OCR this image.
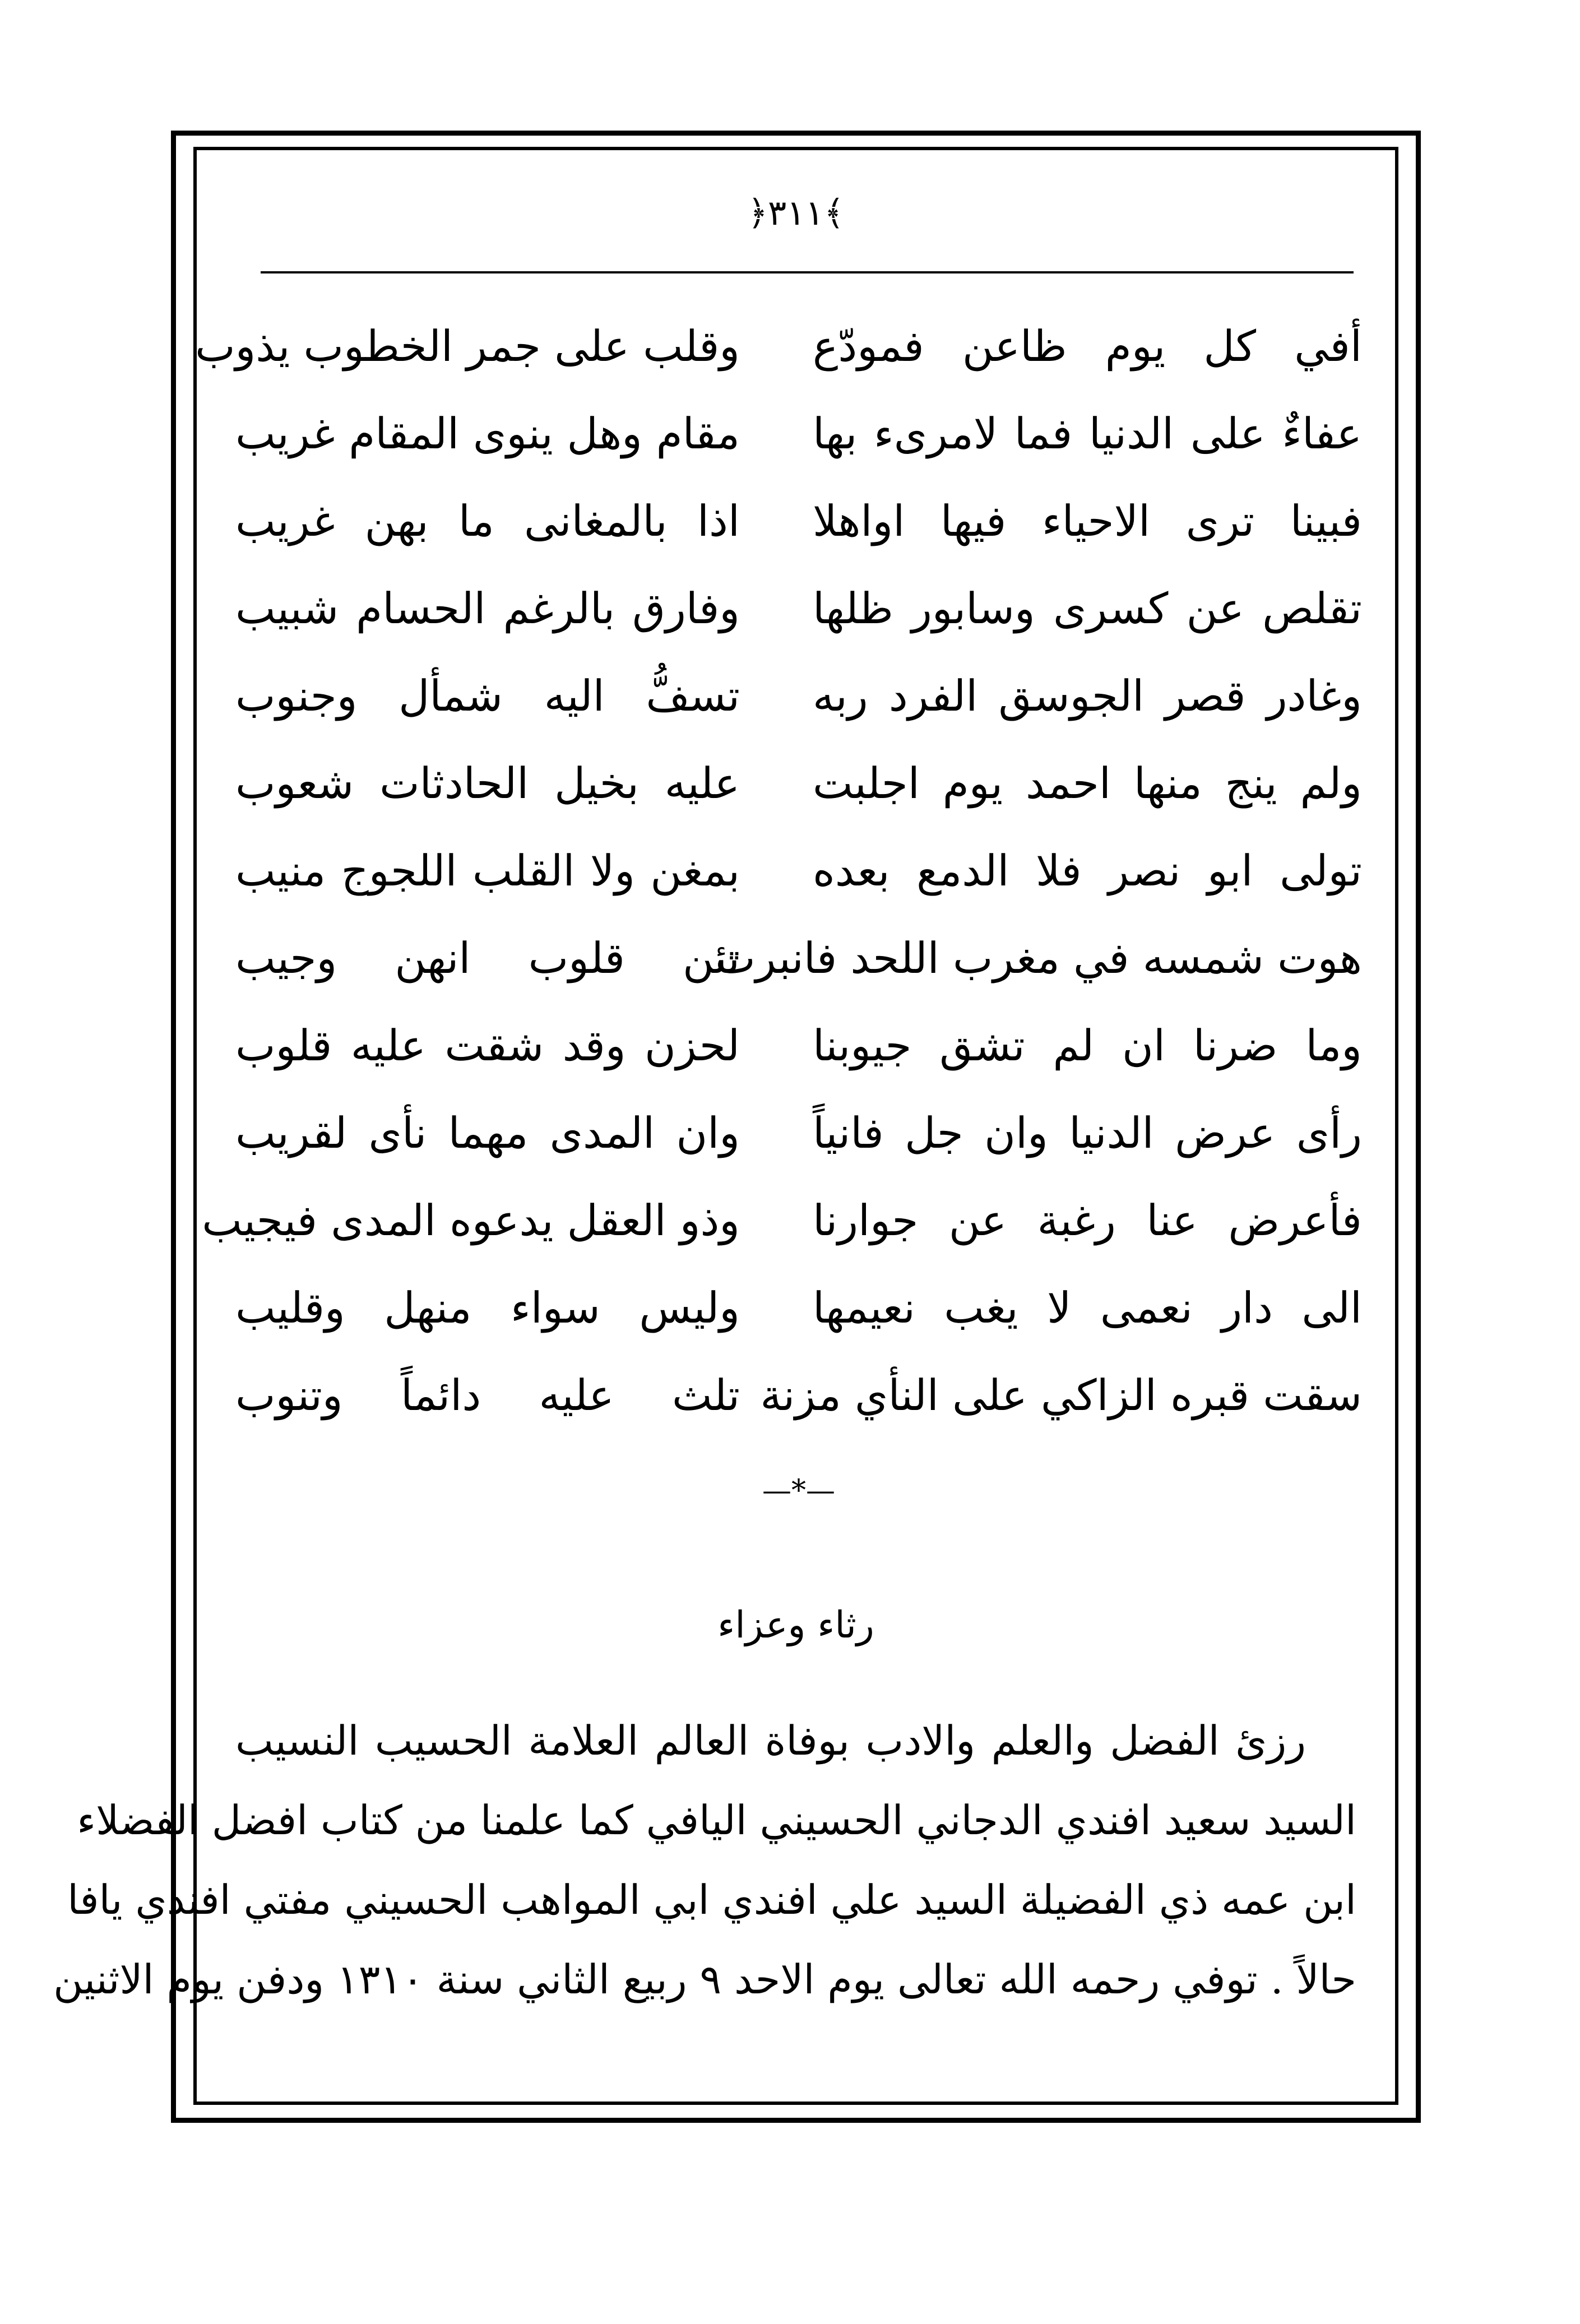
﴾٣١١﴿
أفي كل يوم ظاعن فمودّع
وقلب على جمر الخطوب يذوب
عفاءٌ على الدنيا فما لامرىء بها
مقام وهل ينوى المقام غريب
فبينا ترى الاحياء فيها اواهلا
اذا بالمغانى ما بهن غريب
تقلص عن كسرى وسابور ظلها
وفارق بالرغم الحسام شبيب
وغادر قصر الجوسق الفرد ربه
تسفُّ اليه شمأل وجنوب
ولم ينج منها احمد يوم اجلبت
عليه بخيل الحادثات شعوب
تولى ابو نصر فلا الدمع بعده
بمغن ولا القلب اللجوج منيب
هوت شمسه في مغرب اللحد فانبرت
تئن قلوب انهن وجيب
وما ضرنا ان لم تشق جيوبنا
لحزن وقد شقت عليه قلوب
رأى عرض الدنيا وان جل فانياً
وان المدى مهما نأى لقريب
فأعرض عنا رغبة عن جوارنا
وذو العقل يدعوه المدى فيجيب
الى دار نعمى لا يغب نعيمها
وليس سواء منهل وقليب
سقت قبره الزاكي على النأي مزنة
تلث عليه دائماً وتنوب
—*—
رثاء وعزاء
رزئ الفضل والعلم والادب بوفاة العالم العلامة الحسيب النسيب
السيد سعيد افندي الدجاني الحسيني اليافي كما علمنا من كتاب افضل الفضلاء
ابن عمه ذي الفضيلة السيد علي افندي ابي المواهب الحسيني مفتي افندي يافا
حالاً . توفي رحمه الله تعالى يوم الاحد ٩ ربيع الثاني سنة ١٣١٠ ودفن يوم الاثنين
